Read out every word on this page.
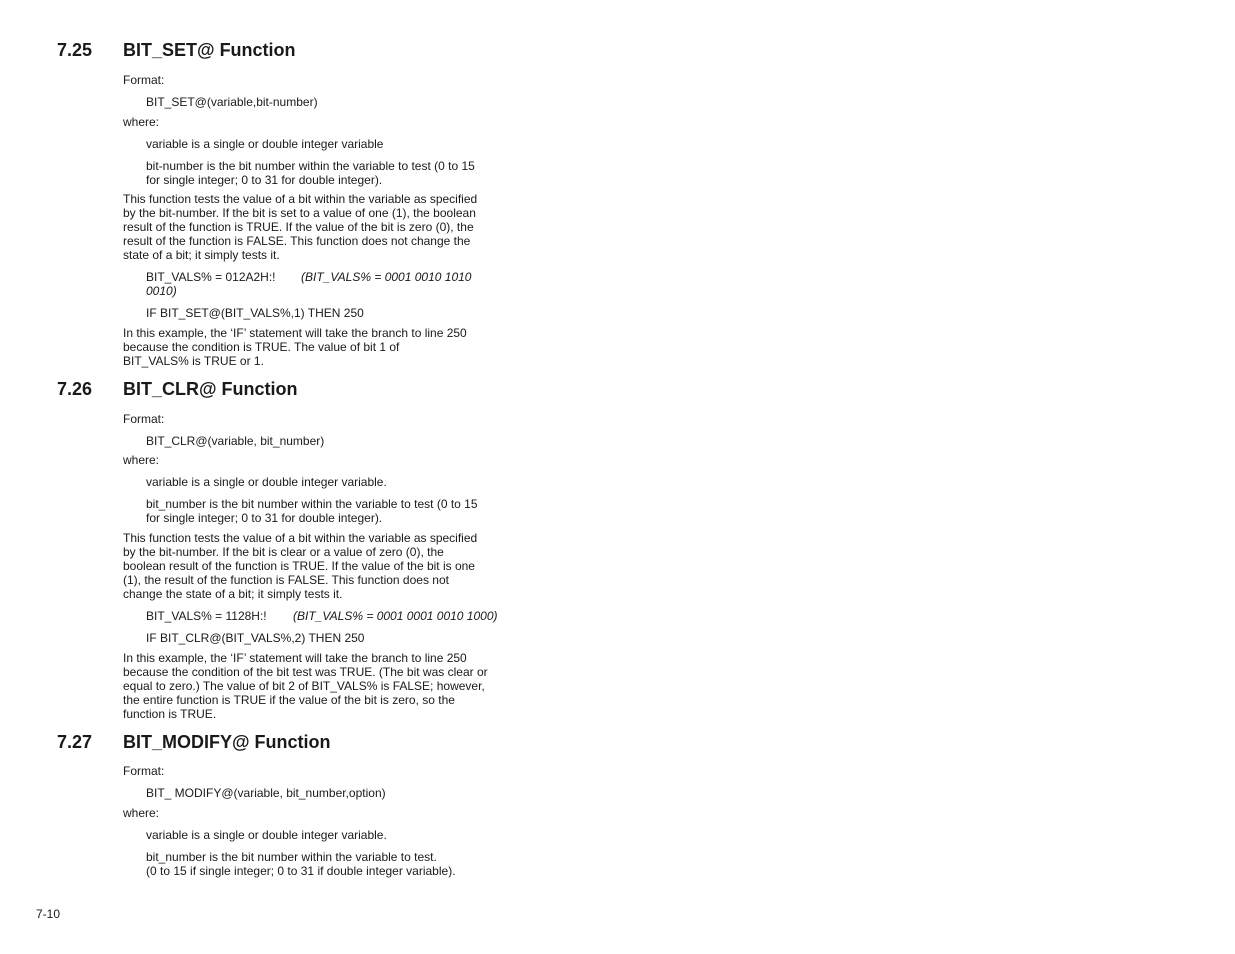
7.25 BIT_SET@ Function
Format:
BIT_SET@(variable,bit-number)
where:
variable is a single or double integer variable
bit-number is the bit number within the variable to test (0 to 15
for single integer; 0 to 31 for double integer).
This function tests the value of a bit within the variable as specified
by the bit-number. If the bit is set to a value of one (1), the boolean
result of the function is TRUE. If the value of the bit is zero (0), the
result of the function is FALSE. This function does not change the
state of a bit; it simply tests it.
BIT_VALS% = 012A2H:! (BIT_VALS% = 0001 0010 1010
0010)
IF BIT_SET@(BIT_VALS%,1) THEN 250
In this example, the ‘IF’ statement will take the branch to line 250
because the condition is TRUE. The value of bit 1 of
BIT_VALS% is TRUE or 1.
7.26 BIT_CLR@ Function
Format:
BIT_CLR@(variable, bit_number)
where:
variable is a single or double integer variable.
bit_number is the bit number within the variable to test (0 to 15
for single integer; 0 to 31 for double integer).
This function tests the value of a bit within the variable as specified
by the bit-number. If the bit is clear or a value of zero (0), the
boolean result of the function is TRUE. If the value of the bit is one
(1), the result of the function is FALSE. This function does not
change the state of a bit; it simply tests it.
BIT_VALS% = 1128H:! (BIT_VALS% = 0001 0001 0010 1000)
IF BIT_CLR@(BIT_VALS%,2) THEN 250
In this example, the ‘IF’ statement will take the branch to line 250
because the condition of the bit test was TRUE. (The bit was clear or
equal to zero.) The value of bit 2 of BIT_VALS% is FALSE; however,
the entire function is TRUE if the value of the bit is zero, so the
function is TRUE.
7.27 BIT_MODIFY@ Function
Format:
BIT_ MODIFY@(variable, bit_number,option)
where:
variable is a single or double integer variable.
bit_number is the bit number within the variable to test.
(0 to 15 if single integer; 0 to 31 if double integer variable).
7-10
